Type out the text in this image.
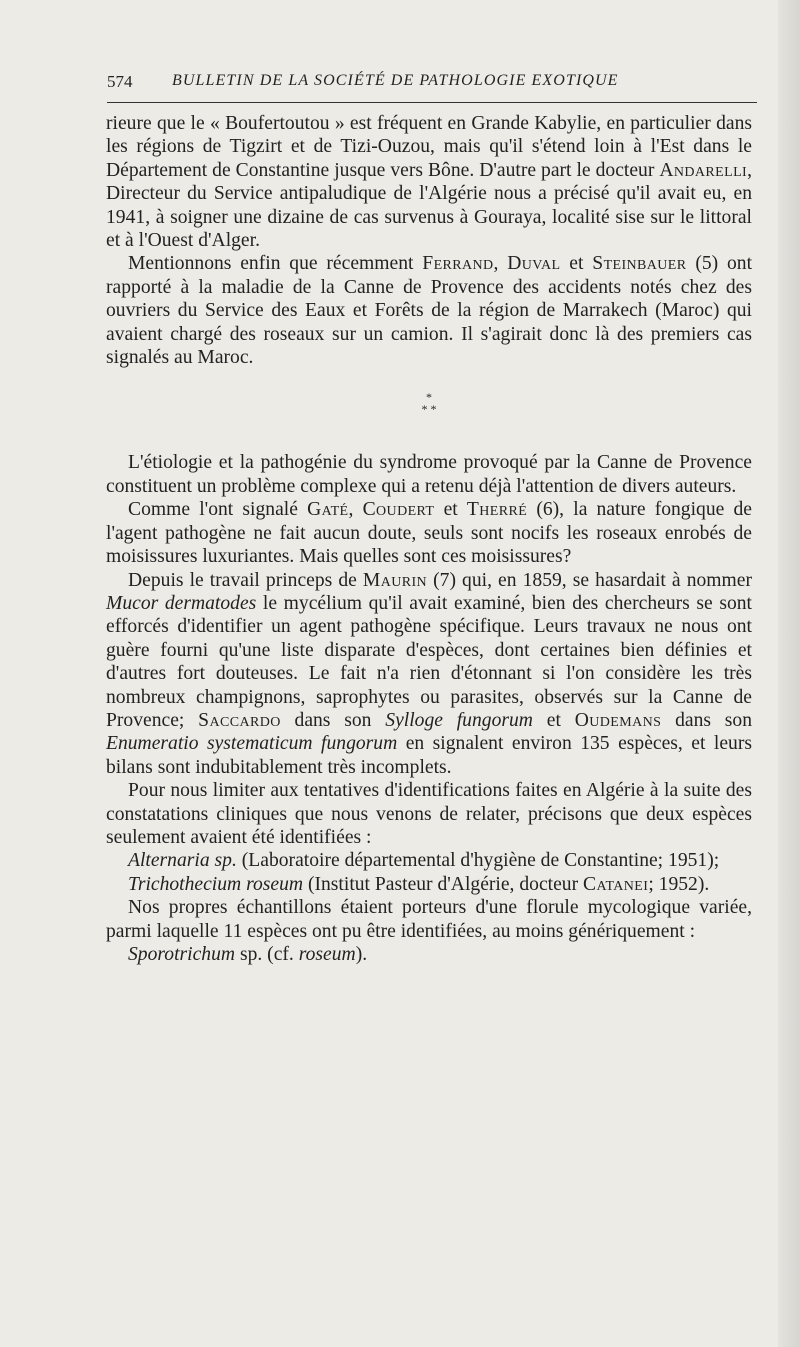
574 BULLETIN DE LA SOCIÉTÉ DE PATHOLOGIE EXOTIQUE

rieure que le « Boufertoutou » est fréquent en Grande Kabylie, en particulier dans les régions de Tigzirt et de Tizi-Ouzou, mais qu'il s'étend loin à l'Est dans le Département de Constantine jusque vers Bône. D'autre part le docteur Andarelli, Directeur du Service antipaludique de l'Algérie nous a précisé qu'il avait eu, en 1941, à soigner une dizaine de cas survenus à Gouraya, localité sise sur le littoral et à l'Ouest d'Alger.

Mentionnons enfin que récemment Ferrand, Duval et Steinbauer (5) ont rapporté à la maladie de la Canne de Provence des accidents notés chez des ouvriers du Service des Eaux et Forêts de la région de Marrakech (Maroc) qui avaient chargé des roseaux sur un camion. Il s'agirait donc là des premiers cas signalés au Maroc.

*
* *

L'étiologie et la pathogénie du syndrome provoqué par la Canne de Provence constituent un problème complexe qui a retenu déjà l'attention de divers auteurs.

Comme l'ont signalé Gaté, Coudert et Therré (6), la nature fongique de l'agent pathogène ne fait aucun doute, seuls sont nocifs les roseaux enrobés de moisissures luxuriantes. Mais quelles sont ces moisissures?

Depuis le travail princeps de Maurin (7) qui, en 1859, se hasardait à nommer Mucor dermatodes le mycélium qu'il avait examiné, bien des chercheurs se sont efforcés d'identifier un agent pathogène spécifique. Leurs travaux ne nous ont guère fourni qu'une liste disparate d'espèces, dont certaines bien définies et d'autres fort douteuses. Le fait n'a rien d'étonnant si l'on considère les très nombreux champignons, saprophytes ou parasites, observés sur la Canne de Provence; Saccardo dans son Sylloge fungorum et Oudemans dans son Enumeratio systematicum fungorum en signalent environ 135 espèces, et leurs bilans sont indubitablement très incomplets.

Pour nous limiter aux tentatives d'identifications faites en Algérie à la suite des constatations cliniques que nous venons de relater, précisons que deux espèces seulement avaient été identifiées :

Alternaria sp. (Laboratoire départemental d'hygiène de Constantine; 1951);

Trichothecium roseum (Institut Pasteur d'Algérie, docteur Catanei; 1952).

Nos propres échantillons étaient porteurs d'une florule mycologique variée, parmi laquelle 11 espèces ont pu être identifiées, au moins génériquement :

Sporotrichum sp. (cf. roseum).
